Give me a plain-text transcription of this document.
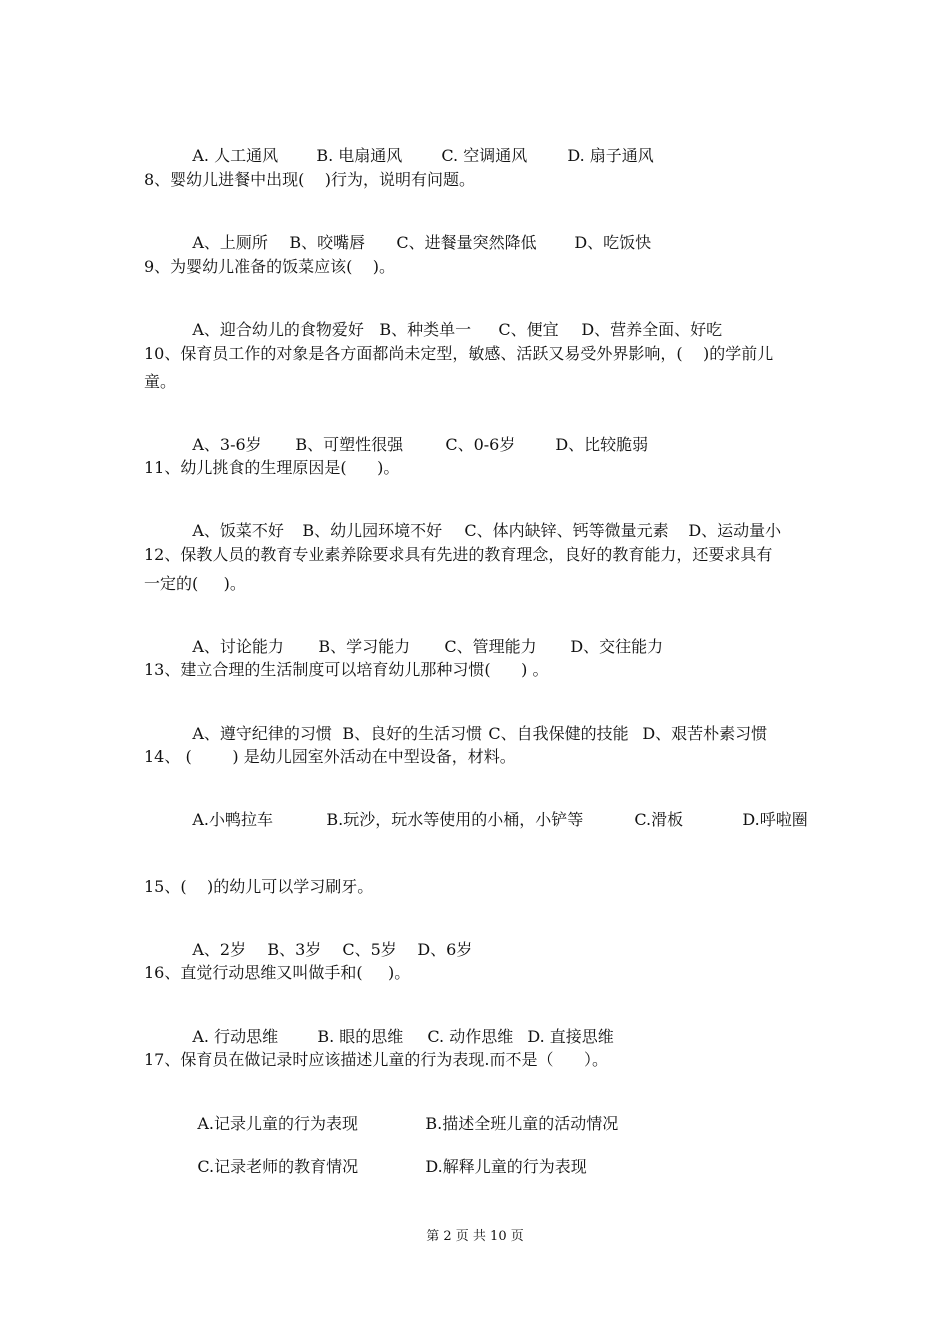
A. 人工通风 B. 电扇通风 C. 空调通风	D. 扇子通风

8、婴幼儿进餐中出现(    )行为，说明有问题。

A、上厕所 B、咬嘴唇 C、进餐量突然降低 D、吃饭快

9、为婴幼儿准备的饭菜应该(    )。

A、迎合幼儿的食物爱好 B、种类单一 C、便宜 D、营养全面、好吃

10、保育员工作的对象是各方面都尚未定型，敏感、活跃又易受外界影响，(    )的学前儿
童。

A、3-6岁 B、可塑性很强	C、0-6岁 D、比较脆弱

11、幼儿挑食的生理原因是(      )。

A、饭菜不好 B、幼儿园环境不好 C、体内缺锌、钙等微量元素 D、运动量小

12、保教人员的教育专业素养除要求具有先进的教育理念，良好的教育能力，还要求具有
一定的(     )。

A、讨论能力 B、学习能力 C、管理能力 D、交往能力

13、建立合理的生活制度可以培育幼儿那种习惯(      ) 。

A、遵守纪律的习惯 B、良好的生活习惯 C、自我保健的技能 D、艰苦朴素习惯

14、 (        ) 是幼儿园室外活动在中型设备，材料。

A.小鸭拉车	B.玩沙，玩水等使用的小桶，小铲等	C.滑板	D.呼啦圈

15、(    )的幼儿可以学习刷牙。

A、2岁 B、3岁 C、5岁 D、6岁

16、直觉行动思维又叫做手和(     )。

A. 行动思维 B. 眼的思维 C. 动作思维 D. 直接思维

17、保育员在做记录时应该描述儿童的行为表现.而不是（      ）。

A.记录儿童的行为表现	B.描述全班儿童的活动情况

C.记录老师的教育情况	D.解释儿童的行为表现

第 2 页 共 10 页
